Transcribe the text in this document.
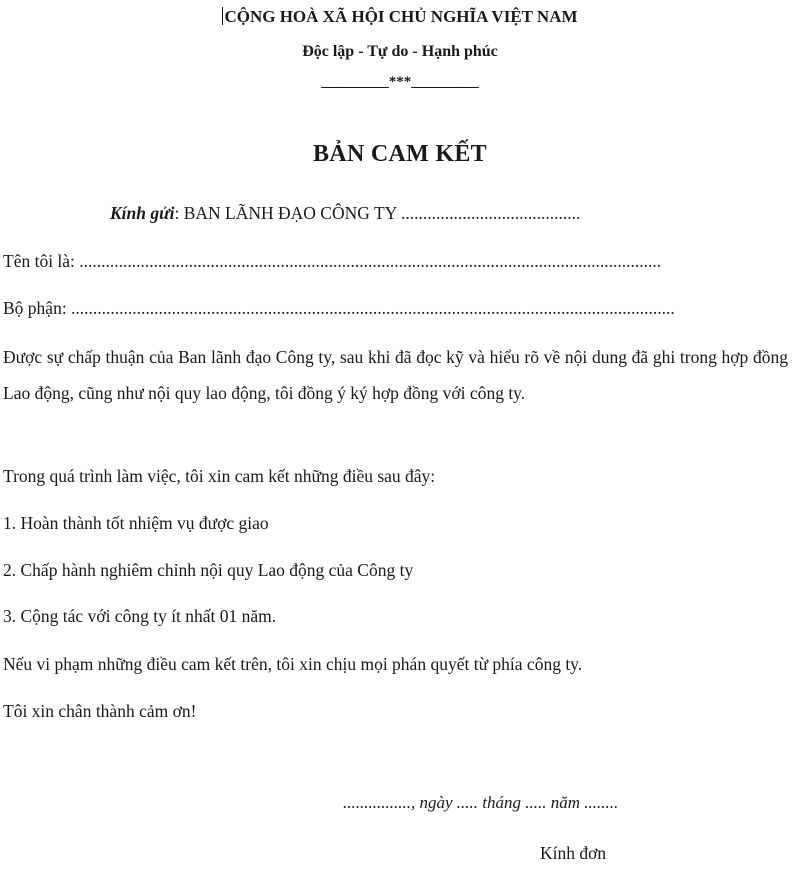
CỘNG HOÀ XÃ HỘI CHỦ NGHĨA VIỆT NAM
Độc lập - Tự do - Hạnh phúc
_________***_________
BẢN CAM KẾT
Kính gửi: BAN LÃNH ĐẠO CÔNG TY .........................................
Tên tôi là: .....................................................................................................................................
Bộ phận: ..........................................................................................................................................
Được sự chấp thuận của Ban lãnh đạo Công ty, sau khi đã đọc kỹ và hiểu rõ về nội dung đã ghi trong hợp đồng Lao động, cũng như nội quy lao động, tôi đồng ý ký hợp đồng với công ty.
Trong quá trình làm việc, tôi xin cam kết những điều sau đây:
1. Hoàn thành tốt nhiệm vụ được giao
2. Chấp hành nghiêm chỉnh nội quy Lao động của Công ty
3. Cộng tác với công ty ít nhất 01 năm.
Nếu vi phạm những điều cam kết trên, tôi xin chịu mọi phán quyết từ phía công ty.
Tôi xin chân thành cảm ơn!
................, ngày ..... tháng ..... năm ........
Kính đơn
